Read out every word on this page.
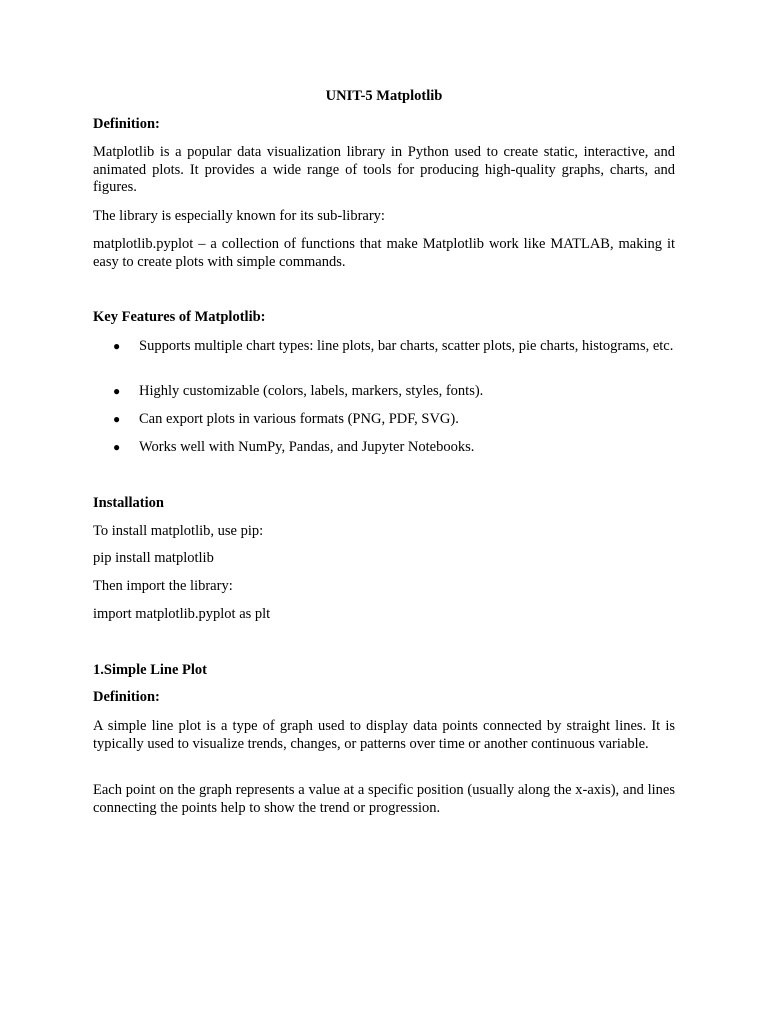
UNIT-5 Matplotlib

Definition:

Matplotlib is a popular data visualization library in Python used to create static, interactive, and animated plots. It provides a wide range of tools for producing high-quality graphs, charts, and figures.

The library is especially known for its sub-library:

matplotlib.pyplot – a collection of functions that make Matplotlib work like MATLAB, making it easy to create plots with simple commands.

Key Features of Matplotlib:

● Supports multiple chart types: line plots, bar charts, scatter plots, pie charts, histograms, etc.
● Highly customizable (colors, labels, markers, styles, fonts).
● Can export plots in various formats (PNG, PDF, SVG).
● Works well with NumPy, Pandas, and Jupyter Notebooks.

Installation

To install matplotlib, use pip:

pip install matplotlib

Then import the library:

import matplotlib.pyplot as plt

1.Simple Line Plot

Definition:

A simple line plot is a type of graph used to display data points connected by straight lines. It is typically used to visualize trends, changes, or patterns over time or another continuous variable.

Each point on the graph represents a value at a specific position (usually along the x-axis), and lines connecting the points help to show the trend or progression.
